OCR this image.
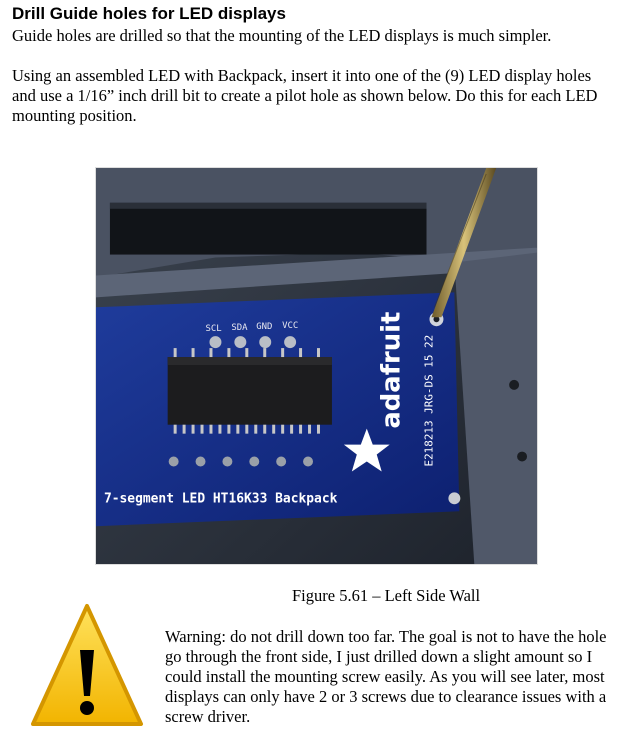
Drill Guide holes for LED displays
Guide holes are drilled so that the mounting of the LED displays is much simpler.
Using an assembled LED with Backpack, insert it into one of the (9) LED display holes and use a 1/16” inch drill bit to create a pilot hole as shown below. Do this for each LED mounting position.
SCL SDA GND VCC	adafruit E218213 JRG-DS 15 22
7-segment LED HT16K33 Backpack
Figure 5.61 – Left Side Wall
Warning: do not drill down too far. The goal is not to have the hole go through the front side, I just drilled down a slight amount so I could install the mounting screw easily. As you will see later, most displays can only have 2 or 3 screws due to clearance issues with a screw driver.
